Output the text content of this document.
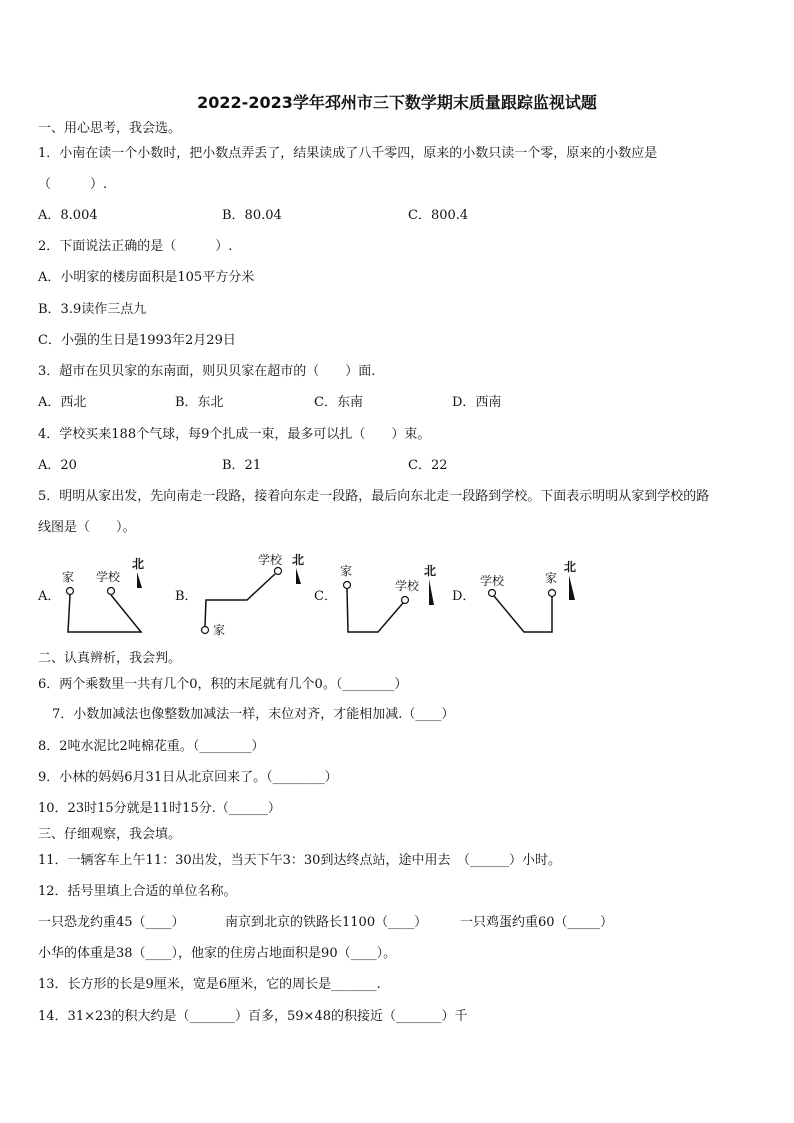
2022-2023学年邳州市三下数学期末质量跟踪监视试题
一、用心思考，我会选。
1．小南在读一个小数时，把小数点弄丢了，结果读成了八千零四，原来的小数只读一个零，原来的小数应是
（　　　）.
A．8.004	B．80.04	C．800.4
2．下面说法正确的是（　　　）.
A．小明家的楼房面积是105平方分米
B．3.9读作三点九
C．小强的生日是1993年2月29日
3．超市在贝贝家的东南面，则贝贝家在超市的（　　）面.
A．西北	B．东北	C．东南	D．西南
4．学校买来188个气球，每9个扎成一束，最多可以扎（　　）束。
A．20	B．21	C．22
5．明明从家出发，先向南走一段路，接着向东走一段路，最后向东北走一段路到学校。下面表示明明从家到学校的路
线图是（　　）。
A．	B．	C．	D．
家 学校
北	学校 北
家
家
学校
北
学校	家
北
二、认真辨析，我会判。
6．两个乘数里一共有几个0，积的末尾就有几个0。（________）
7．小数加减法也像整数加减法一样，末位对齐，才能相加减.（____）
8．2吨水泥比2吨棉花重。（________）
9．小林的妈妈6月31日从北京回来了。（________）
10．23时15分就是11时15分.（______）
三、仔细观察，我会填。
11．一辆客车上午11：30出发，当天下午3：30到达终点站，途中用去　（______）小时。
12．括号里填上合适的单位名称。
一只恐龙约重45（____）	南京到北京的铁路长1100（____）	一只鸡蛋约重60（_____）
小华的体重是38（____），他家的住房占地面积是90（____）。
13．长方形的长是9厘米，宽是6厘米，它的周长是_______.
14．31×23的积大约是（_______）百多，59×48的积接近（_______）千
